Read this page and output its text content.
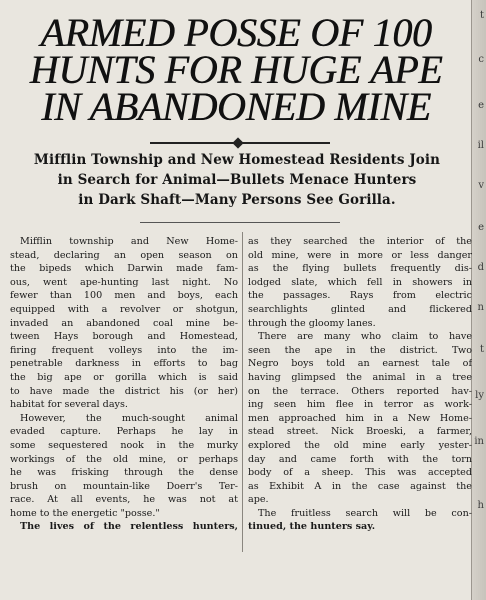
t
c
e
il
v
e
d
n
t
ly
in
h
ARMED POSSE OF 100
HUNTS FOR HUGE APE
IN ABANDONED MINE
Mifflin Township and New Homestead Residents Join
in Search for Animal—Bullets Menace Hunters
in Dark Shaft—Many Persons See Gorilla.
Mifflin township and New Home-
stead, declaring an open season on
the bipeds which Darwin made fam-
ous, went ape-hunting last night. No
fewer than 100 men and boys, each
equipped with a revolver or shotgun,
invaded an abandoned coal mine be-
tween Hays borough and Homestead,
firing frequent volleys into the im-
penetrable darkness in efforts to bag
the big ape or gorilla which is said
to have made the district his (or her)
habitat for several days.
However, the much-sought animal
evaded capture. Perhaps he lay in
some sequestered nook in the murky
workings of the old mine, or perhaps
he was frisking through the dense
brush on mountain-like Doerr's Ter-
race. At all events, he was not at
home to the energetic "posse."
The lives of the relentless hunters,
as they searched the interior of the
old mine, were in more or less danger
as the flying bullets frequently dis-
lodged slate, which fell in showers in
the passages. Rays from electric
searchlights glinted and flickered
through the gloomy lanes.
There are many who claim to have
seen the ape in the district. Two
Negro boys told an earnest tale of
having glimpsed the animal in a tree
on the terrace. Others reported hav-
ing seen him flee in terror as work-
men approached him in a New Home-
stead street. Nick Broeski, a farmer,
explored the old mine early yester-
day and came forth with the torn
body of a sheep. This was accepted
as Exhibit A in the case against the
ape.
The fruitless search will be con-
tinued, the hunters say.
